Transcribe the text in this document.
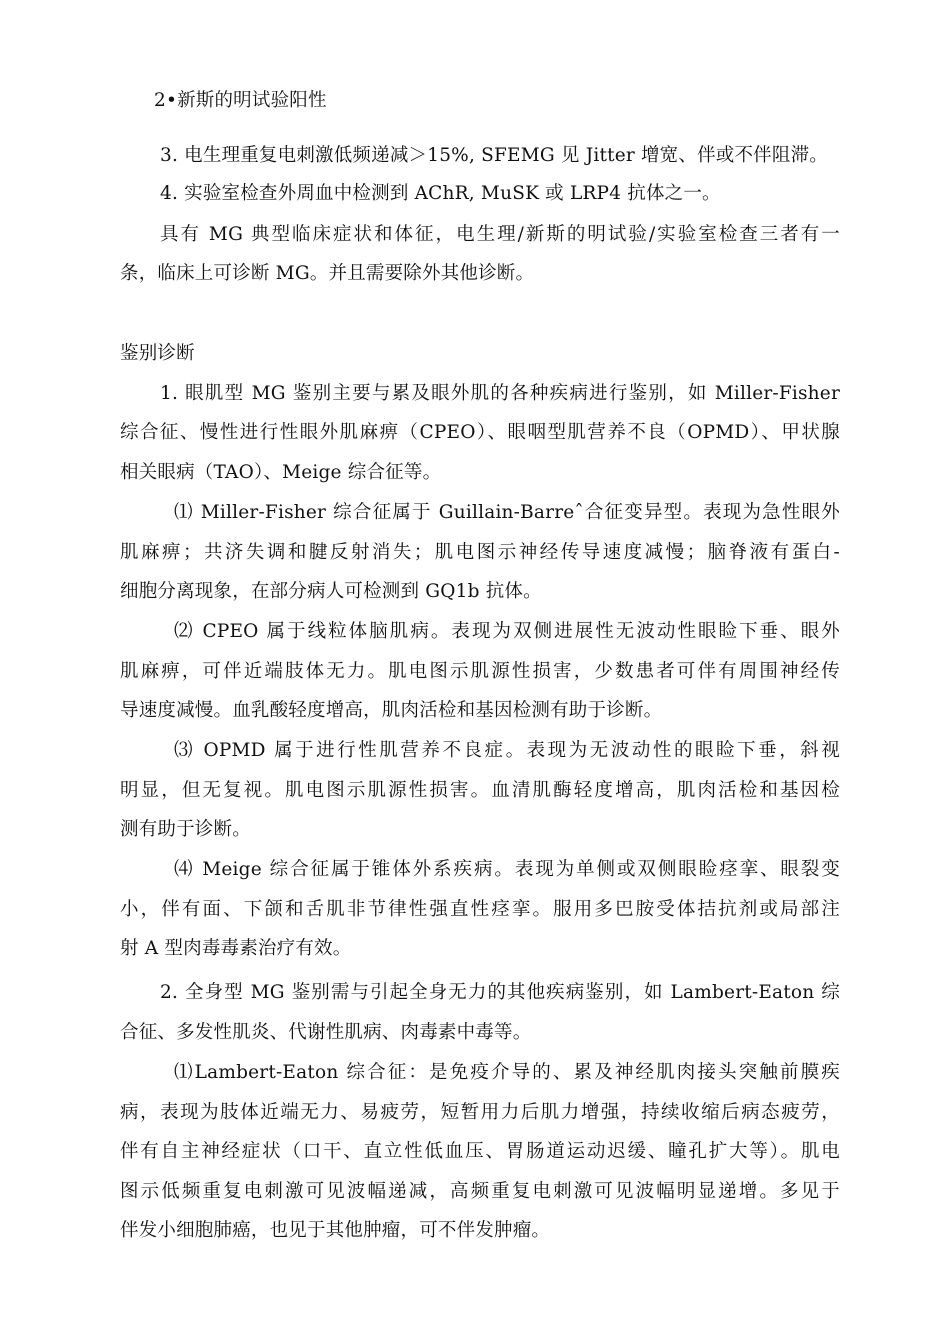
2•新斯的明试验阳性
3. 电生理重复电刺激低频递减＞15%, SFEMG 见 Jitter 增宽、伴或不伴阻滞。
4. 实验室检查外周血中检测到 AChR, MuSK 或 LRP4 抗体之一。
具有 MG 典型临床症状和体征，电生理/新斯的明试验/实验室检查三者有一
条，临床上可诊断 MG。并且需要除外其他诊断。
鉴别诊断
1. 眼肌型 MG 鉴别主要与累及眼外肌的各种疾病进行鉴别，如 Miller-Fisher
综合征、慢性进行性眼外肌麻痹（CPEO）、眼咽型肌营养不良（OPMD）、甲状腺
相关眼病（TAO）、Meige 综合征等。
⑴ Miller-Fisher 综合征属于 Guillain-Barreˆ合征变异型。表现为急性眼外
肌麻痹；共济失调和腱反射消失；肌电图示神经传导速度减慢；脑脊液有蛋白-
细胞分离现象，在部分病人可检测到 GQ1b 抗体。
⑵ CPEO 属于线粒体脑肌病。表现为双侧进展性无波动性眼睑下垂、眼外
肌麻痹，可伴近端肢体无力。肌电图示肌源性损害，少数患者可伴有周围神经传
导速度减慢。血乳酸轻度增高，肌肉活检和基因检测有助于诊断。
⑶ OPMD 属于进行性肌营养不良症。表现为无波动性的眼睑下垂，斜视
明显，但无复视。肌电图示肌源性损害。血清肌酶轻度增高，肌肉活检和基因检
测有助于诊断。
⑷ Meige 综合征属于锥体外系疾病。表现为单侧或双侧眼睑痉挛、眼裂变
小，伴有面、下颌和舌肌非节律性强直性痉挛。服用多巴胺受体拮抗剂或局部注
射 A 型肉毒毒素治疗有效。
2. 全身型 MG 鉴别需与引起全身无力的其他疾病鉴别，如 Lambert-Eaton 综
合征、多发性肌炎、代谢性肌病、肉毒素中毒等。
⑴Lambert-Eaton 综合征：是免疫介导的、累及神经肌肉接头突触前膜疾
病，表现为肢体近端无力、易疲劳，短暂用力后肌力增强，持续收缩后病态疲劳，
伴有自主神经症状（口干、直立性低血压、胃肠道运动迟缓、瞳孔扩大等）。肌电
图示低频重复电刺激可见波幅递减，高频重复电刺激可见波幅明显递增。多见于
伴发小细胞肺癌，也见于其他肿瘤，可不伴发肿瘤。
